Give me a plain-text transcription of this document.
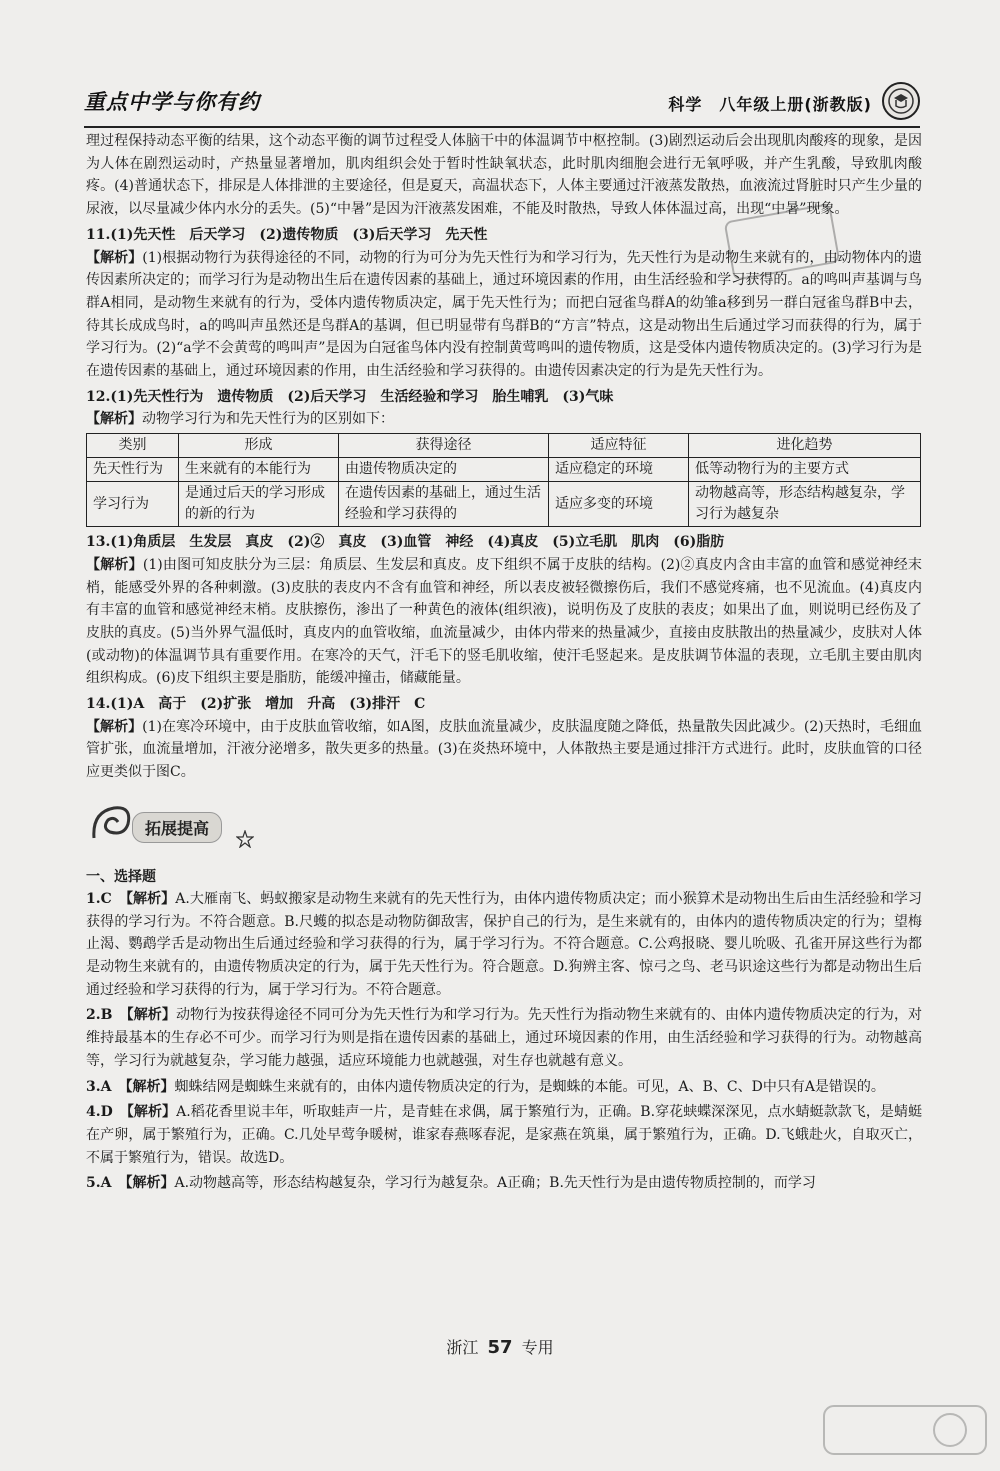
重点中学与你有约	科学　八年级上册(浙教版)

理过程保持动态平衡的结果，这个动态平衡的调节过程受人体脑干中的体温调节中枢控制。(3)剧烈运动后会出现肌肉酸疼的现象，是因为人体在剧烈运动时，产热量显著增加，肌肉组织会处于暂时性缺氧状态，此时肌肉细胞会进行无氧呼吸，并产生乳酸，导致肌肉酸疼。(4)普通状态下，排尿是人体排泄的主要途径，但是夏天，高温状态下，人体主要通过汗液蒸发散热，血液流过肾脏时只产生少量的尿液，以尽量减少体内水分的丢失。(5)“中暑”是因为汗液蒸发困难，不能及时散热，导致人体体温过高，出现“中暑”现象。

11.(1)先天性　后天学习　(2)遗传物质　(3)后天学习　先天性

【解析】(1)根据动物行为获得途径的不同，动物的行为可分为先天性行为和学习行为，先天性行为是动物生来就有的，由动物体内的遗传因素所决定的；而学习行为是动物出生后在遗传因素的基础上，通过环境因素的作用，由生活经验和学习获得的。a的鸣叫声基调与鸟群A相同，是动物生来就有的行为，受体内遗传物质决定，属于先天性行为；而把白冠雀鸟群A的幼雏a移到另一群白冠雀鸟群B中去，待其长成成鸟时，a的鸣叫声虽然还是鸟群A的基调，但已明显带有鸟群B的“方言”特点，这是动物出生后通过学习而获得的行为，属于学习行为。(2)“a学不会黄莺的鸣叫声”是因为白冠雀鸟体内没有控制黄莺鸣叫的遗传物质，这是受体内遗传物质决定的。(3)学习行为是在遗传因素的基础上，通过环境因素的作用，由生活经验和学习获得的。由遗传因素决定的行为是先天性行为。

12.(1)先天性行为　遗传物质　(2)后天学习　生活经验和学习　胎生哺乳　(3)气味

【解析】动物学习行为和先天性行为的区别如下：

类别	形成	获得途径	适应特征	进化趋势
先天性行为	生来就有的本能行为	由遗传物质决定的	适应稳定的环境	低等动物行为的主要方式
学习行为	是通过后天的学习形成的新的行为	在遗传因素的基础上，通过生活经验和学习获得的	适应多变的环境	动物越高等，形态结构越复杂，学习行为越复杂
13.(1)角质层　生发层　真皮　(2)②　真皮　(3)血管　神经　(4)真皮　(5)立毛肌　肌肉　(6)脂肪

【解析】(1)由图可知皮肤分为三层：角质层、生发层和真皮。皮下组织不属于皮肤的结构。(2)②真皮内含由丰富的血管和感觉神经末梢，能感受外界的各种刺激。(3)皮肤的表皮内不含有血管和神经，所以表皮被轻微擦伤后，我们不感觉疼痛，也不见流血。(4)真皮内有丰富的血管和感觉神经末梢。皮肤擦伤，渗出了一种黄色的液体(组织液)，说明伤及了皮肤的表皮；如果出了血，则说明已经伤及了皮肤的真皮。(5)当外界气温低时，真皮内的血管收缩，血流量减少，由体内带来的热量减少，直接由皮肤散出的热量减少，皮肤对人体(或动物)的体温调节具有重要作用。在寒冷的天气，汗毛下的竖毛肌收缩，使汗毛竖起来。是皮肤调节体温的表现，立毛肌主要由肌肉组织构成。(6)皮下组织主要是脂肪，能缓冲撞击，储藏能量。

14.(1)A　高于　(2)扩张　增加　升高　(3)排汗　C

【解析】(1)在寒冷环境中，由于皮肤血管收缩，如A图，皮肤血流量减少，皮肤温度随之降低，热量散失因此减少。(2)天热时，毛细血管扩张，血流量增加，汗液分泌增多，散失更多的热量。(3)在炎热环境中，人体散热主要是通过排汗方式进行。此时，皮肤血管的口径应更类似于图C。

拓展提高
一、选择题

1.C　 【解析】A.大雁南飞、蚂蚁搬家是动物生来就有的先天性行为，由体内遗传物质决定；而小猴算术是动物出生后由生活经验和学习获得的学习行为。不符合题意。B.尺蠖的拟态是动物防御敌害，保护自己的行为，是生来就有的，由体内的遗传物质决定的行为；望梅止渴、鹦鹉学舌是动物出生后通过经验和学习获得的行为，属于学习行为。不符合题意。C.公鸡报晓、婴儿吮吸、孔雀开屏这些行为都是动物生来就有的，由遗传物质决定的行为，属于先天性行为。符合题意。D.狗辨主客、惊弓之鸟、老马识途这些行为都是动物出生后通过经验和学习获得的行为，属于学习行为。不符合题意。

2.B　 【解析】动物行为按获得途径不同可分为先天性行为和学习行为。先天性行为指动物生来就有的、由体内遗传物质决定的行为，对维持最基本的生存必不可少。而学习行为则是指在遗传因素的基础上，通过环境因素的作用，由生活经验和学习获得的行为。动物越高等，学习行为就越复杂，学习能力越强，适应环境能力也就越强，对生存也就越有意义。

3.A　 【解析】蜘蛛结网是蜘蛛生来就有的，由体内遗传物质决定的行为，是蜘蛛的本能。可见，A、B、C、D中只有A是错误的。

4.D　 【解析】A.稻花香里说丰年，听取蛙声一片，是青蛙在求偶，属于繁殖行为，正确。B.穿花蛱蝶深深见，点水蜻蜓款款飞，是蜻蜓在产卵，属于繁殖行为，正确。C.几处早莺争暖树，谁家春燕啄春泥，是家燕在筑巢，属于繁殖行为，正确。D.飞蛾赴火，自取灭亡，不属于繁殖行为，错误。故选D。

5.A　 【解析】A.动物越高等，形态结构越复杂，学习行为越复杂。A正确；B.先天性行为是由遗传物质控制的，而学习

浙江 57 专用
